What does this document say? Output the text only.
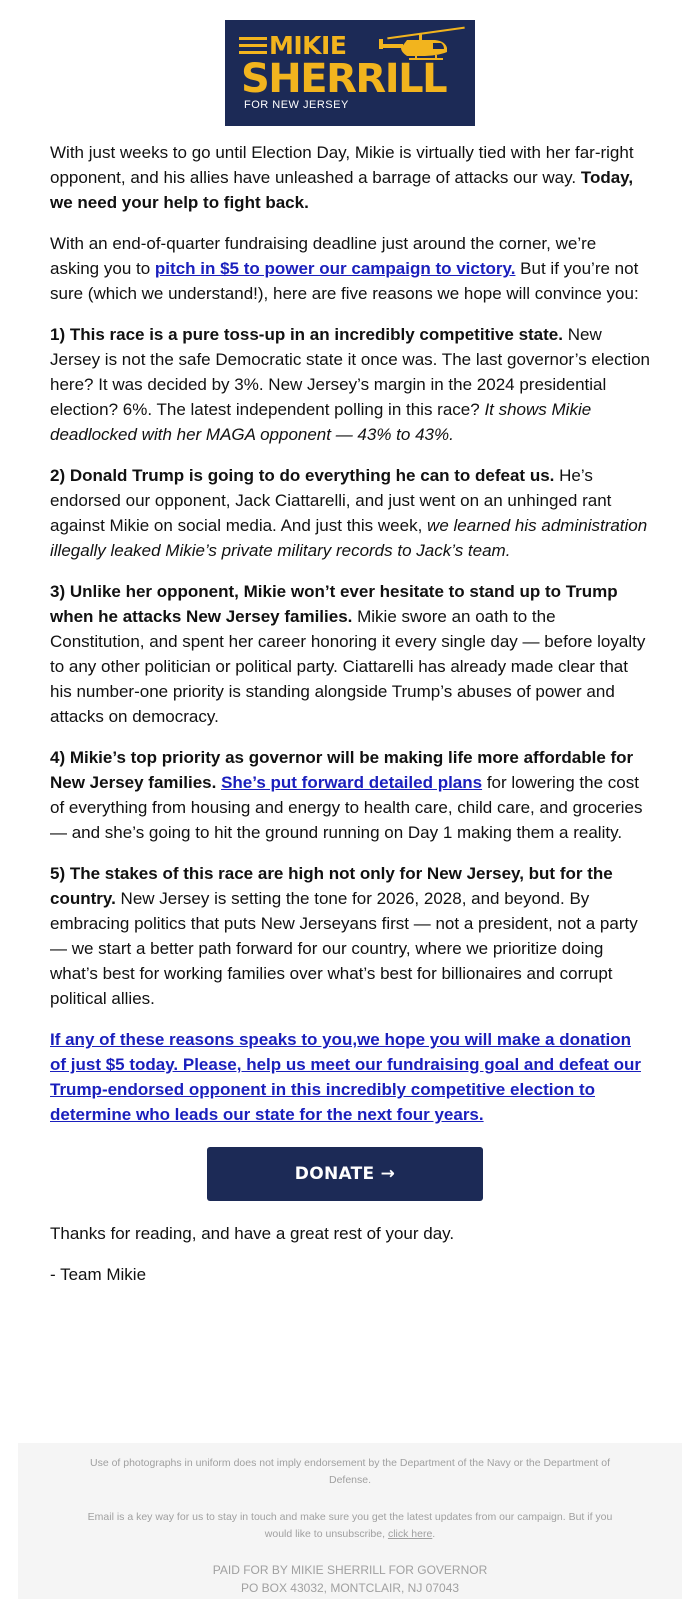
MIKIE
SHERRILL
FOR NEW JERSEY

With just weeks to go until Election Day, Mikie is virtually tied with her far-right opponent, and his allies have unleashed a barrage of attacks our way. Today, we need your help to fight back.

With an end-of-quarter fundraising deadline just around the corner, we’re asking you to pitch in $5 to power our campaign to victory. But if you’re not sure (which we understand!), here are five reasons we hope will convince you:

1) This race is a pure toss-up in an incredibly competitive state. New Jersey is not the safe Democratic state it once was. The last governor’s election here? It was decided by 3%. New Jersey’s margin in the 2024 presidential election? 6%. The latest independent polling in this race? It shows Mikie deadlocked with her MAGA opponent — 43% to 43%.

2) Donald Trump is going to do everything he can to defeat us. He’s endorsed our opponent, Jack Ciattarelli, and just went on an unhinged rant against Mikie on social media. And just this week, we learned his administration illegally leaked Mikie’s private military records to Jack’s team.

3) Unlike her opponent, Mikie won’t ever hesitate to stand up to Trump when he attacks New Jersey families. Mikie swore an oath to the Constitution, and spent her career honoring it every single day — before loyalty to any other politician or political party. Ciattarelli has already made clear that his number-one priority is standing alongside Trump’s abuses of power and attacks on democracy.

4) Mikie’s top priority as governor will be making life more affordable for New Jersey families. She’s put forward detailed plans for lowering the cost of everything from housing and energy to health care, child care, and groceries — and she’s going to hit the ground running on Day 1 making them a reality.

5) The stakes of this race are high not only for New Jersey, but for the country. New Jersey is setting the tone for 2026, 2028, and beyond. By embracing politics that puts New Jerseyans first — not a president, not a party — we start a better path forward for our country, where we prioritize doing what’s best for working families over what’s best for billionaires and corrupt political allies.

If any of these reasons speaks to you,we hope you will make a donation of just $5 today. Please, help us meet our fundraising goal and defeat our Trump-endorsed opponent in this incredibly competitive election to determine who leads our state for the next four years.

DONATE →

Thanks for reading, and have a great rest of your day.

- Team Mikie

Use of photographs in uniform does not imply endorsement by the Department of the Navy or the Department of Defense.
Email is a key way for us to stay in touch and make sure you get the latest updates from our campaign. But if you would like to unsubscribe, click here.
PAID FOR BY MIKIE SHERRILL FOR GOVERNOR
PO BOX 43032, MONTCLAIR, NJ 07043
